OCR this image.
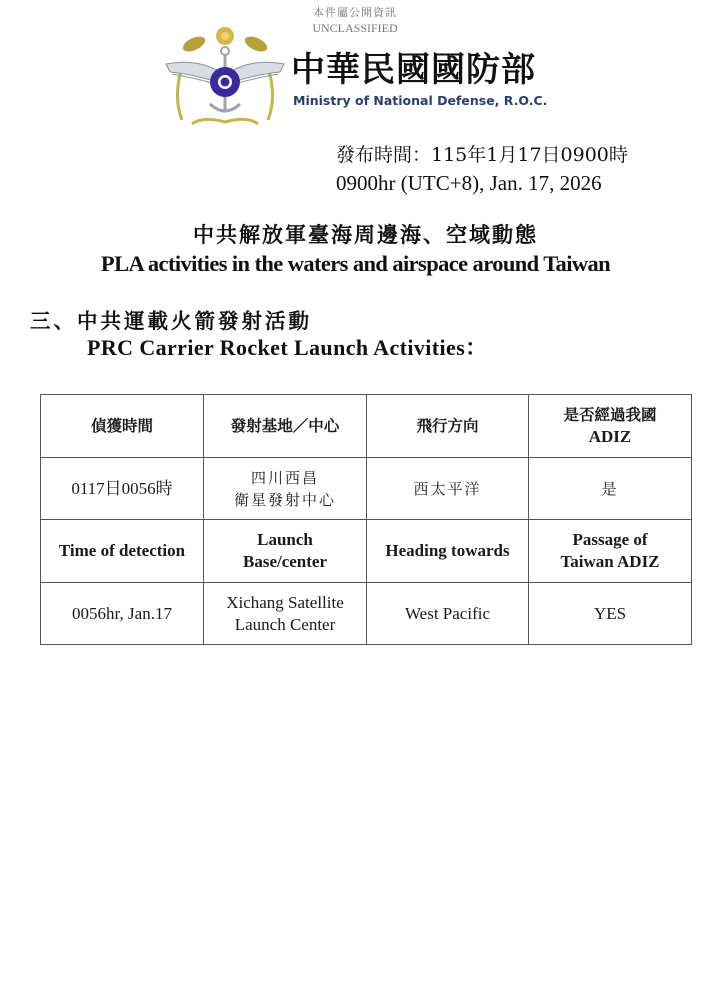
本件屬公開資訊
UNCLASSIFIED
中華民國國防部
Ministry of National Defense, R.O.C.
發布時間：115年1月17日0900時
0900hr (UTC+8), Jan. 17, 2026
中共解放軍臺海周邊海、空域動態
PLA activities in the waters and airspace around Taiwan
三、中共運載火箭發射活動
PRC Carrier Rocket Launch Activities：
偵獲時間	發射基地／中心	飛行方向	是否經過我國
ADIZ

0117日0056時	四川西昌
衛星發射中心	西太平洋	是

Time of detection	Launch
Base/center	Heading towards	Passage of
Taiwan ADIZ

0056hr, Jan.17	Xichang Satellite
Launch Center	West Pacific	YES
